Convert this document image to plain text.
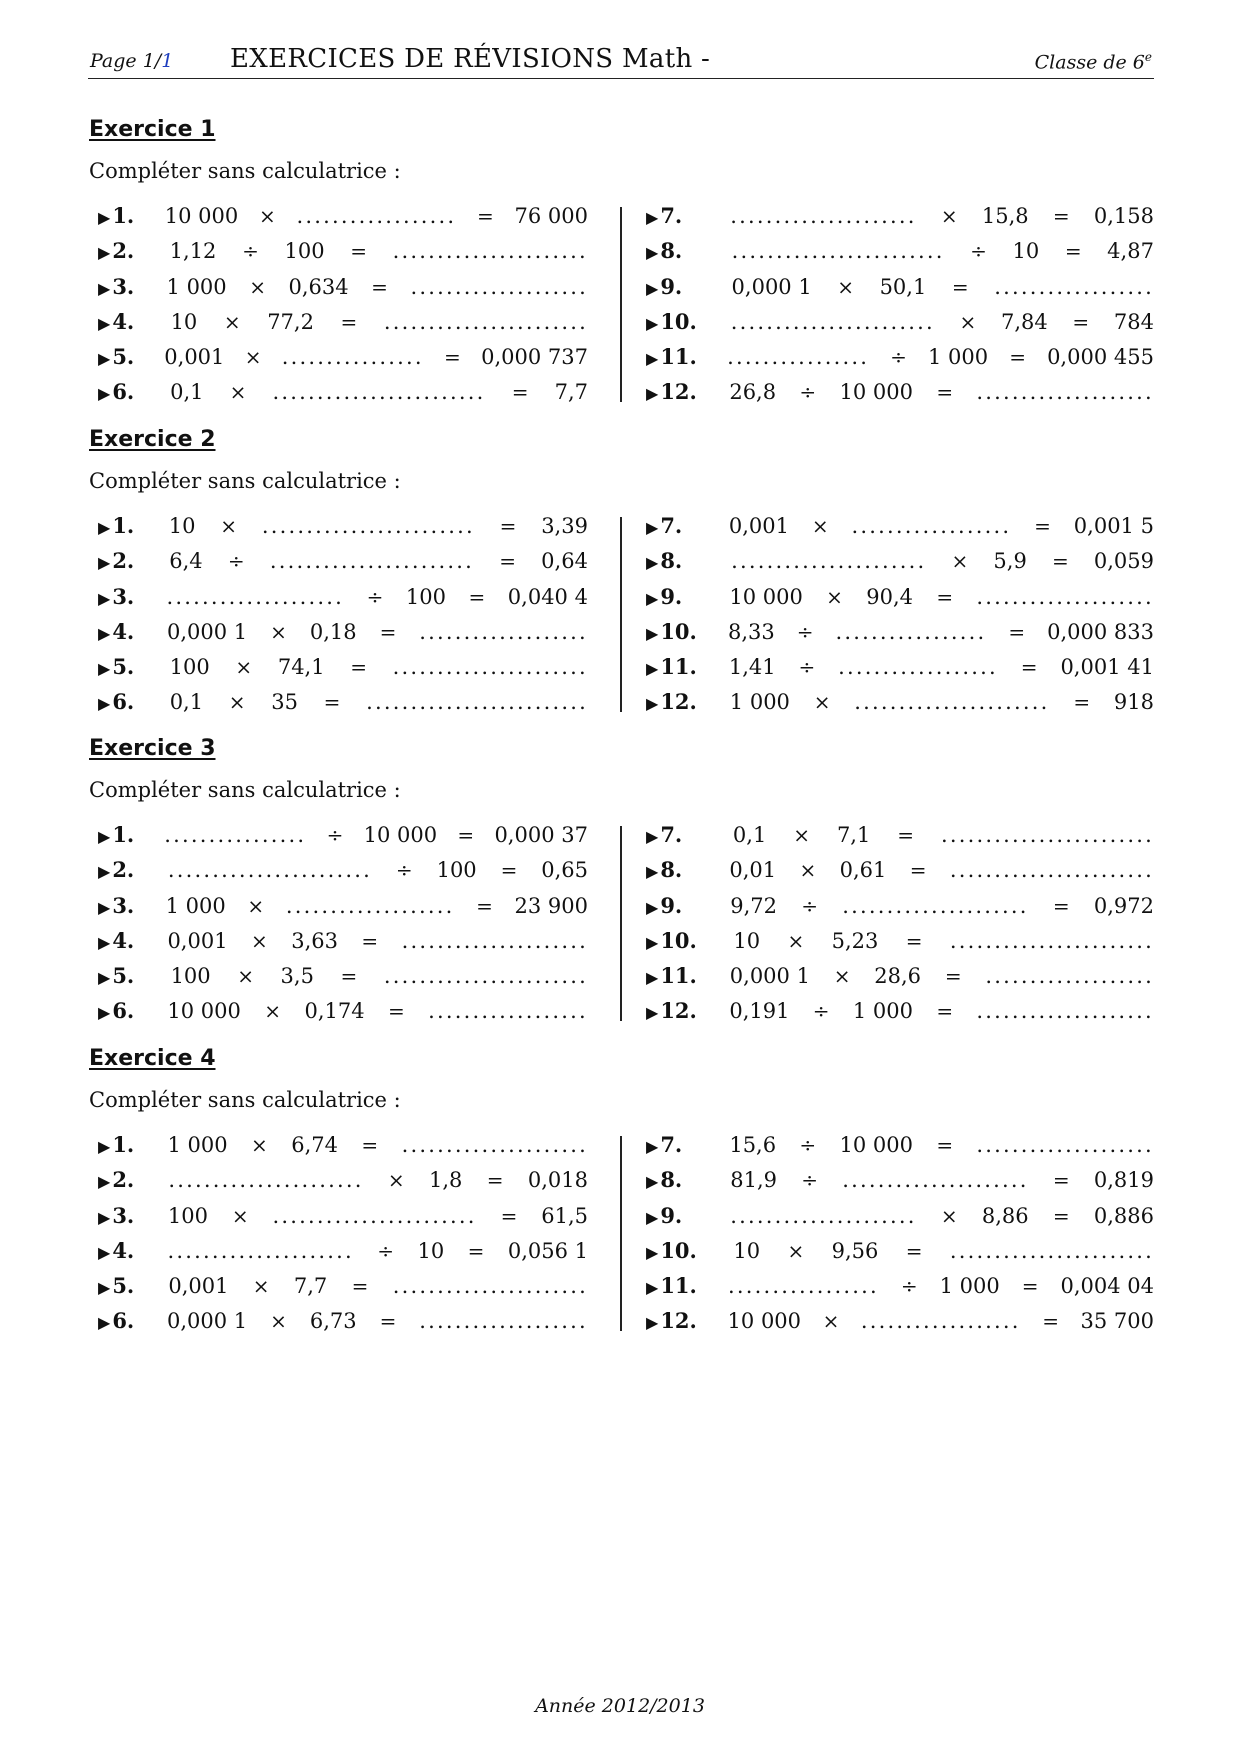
Page 1/1 EXERCICES DE RÉVISIONS Math -	Classe de 6e
Exercice 1
Compléter sans calculatrice :
▶1.	10 000 × .................. = 76 000
▶2.	1,12 ÷ 100 = ......................
▶3.	1 000 × 0,634 = ....................
▶4.	10 × 77,2 = .......................
▶5.	0,001 × ................ = 0,000 737
▶6.	0,1 × ........................ = 7,7
▶7.	..................... × 15,8 = 0,158
▶8.	........................ ÷ 10 = 4,87
▶9.	0,000 1 × 50,1 = ..................
▶10.	....................... × 7,84 = 784
▶11.	................ ÷ 1 000 = 0,000 455
▶12.	26,8 ÷ 10 000 = ....................
Exercice 2
Compléter sans calculatrice :
▶1.	10 × ........................ = 3,39
▶2.	6,4 ÷ ....................... = 0,64
▶3.	.................... ÷ 100 = 0,040 4
▶4.	0,000 1 × 0,18 = ...................
▶5.	100 × 74,1 = ......................
▶6.	0,1 × 35 = .........................
▶7.	0,001 × .................. = 0,001 5
▶8.	...................... × 5,9 = 0,059
▶9.	10 000 × 90,4 = ....................
▶10.	8,33 ÷ ................. = 0,000 833
▶11.	1,41 ÷ .................. = 0,001 41
▶12.	1 000 × ...................... = 918
Exercice 3
Compléter sans calculatrice :
▶1.	................ ÷ 10 000 = 0,000 37
▶2.	....................... ÷ 100 = 0,65
▶3.	1 000 × ................... = 23 900
▶4.	0,001 × 3,63 = .....................
▶5.	100 × 3,5 = .......................
▶6.	10 000 × 0,174 = ..................
▶7.	0,1 × 7,1 = ........................
▶8.	0,01 × 0,61 = .......................
▶9.	9,72 ÷ ..................... = 0,972
▶10.	10 × 5,23 = .......................
▶11.	0,000 1 × 28,6 = ...................
▶12.	0,191 ÷ 1 000 = ....................
Exercice 4
Compléter sans calculatrice :
▶1.	1 000 × 6,74 = .....................
▶2.	...................... × 1,8 = 0,018
▶3.	100 × ....................... = 61,5
▶4.	..................... ÷ 10 = 0,056 1
▶5.	0,001 × 7,7 = ......................
▶6.	0,000 1 × 6,73 = ...................
▶7.	15,6 ÷ 10 000 = ....................
▶8.	81,9 ÷ ..................... = 0,819
▶9.	..................... × 8,86 = 0,886
▶10.	10 × 9,56 = .......................
▶11.	................. ÷ 1 000 = 0,004 04
▶12.	10 000 × .................. = 35 700
Année 2012/2013
